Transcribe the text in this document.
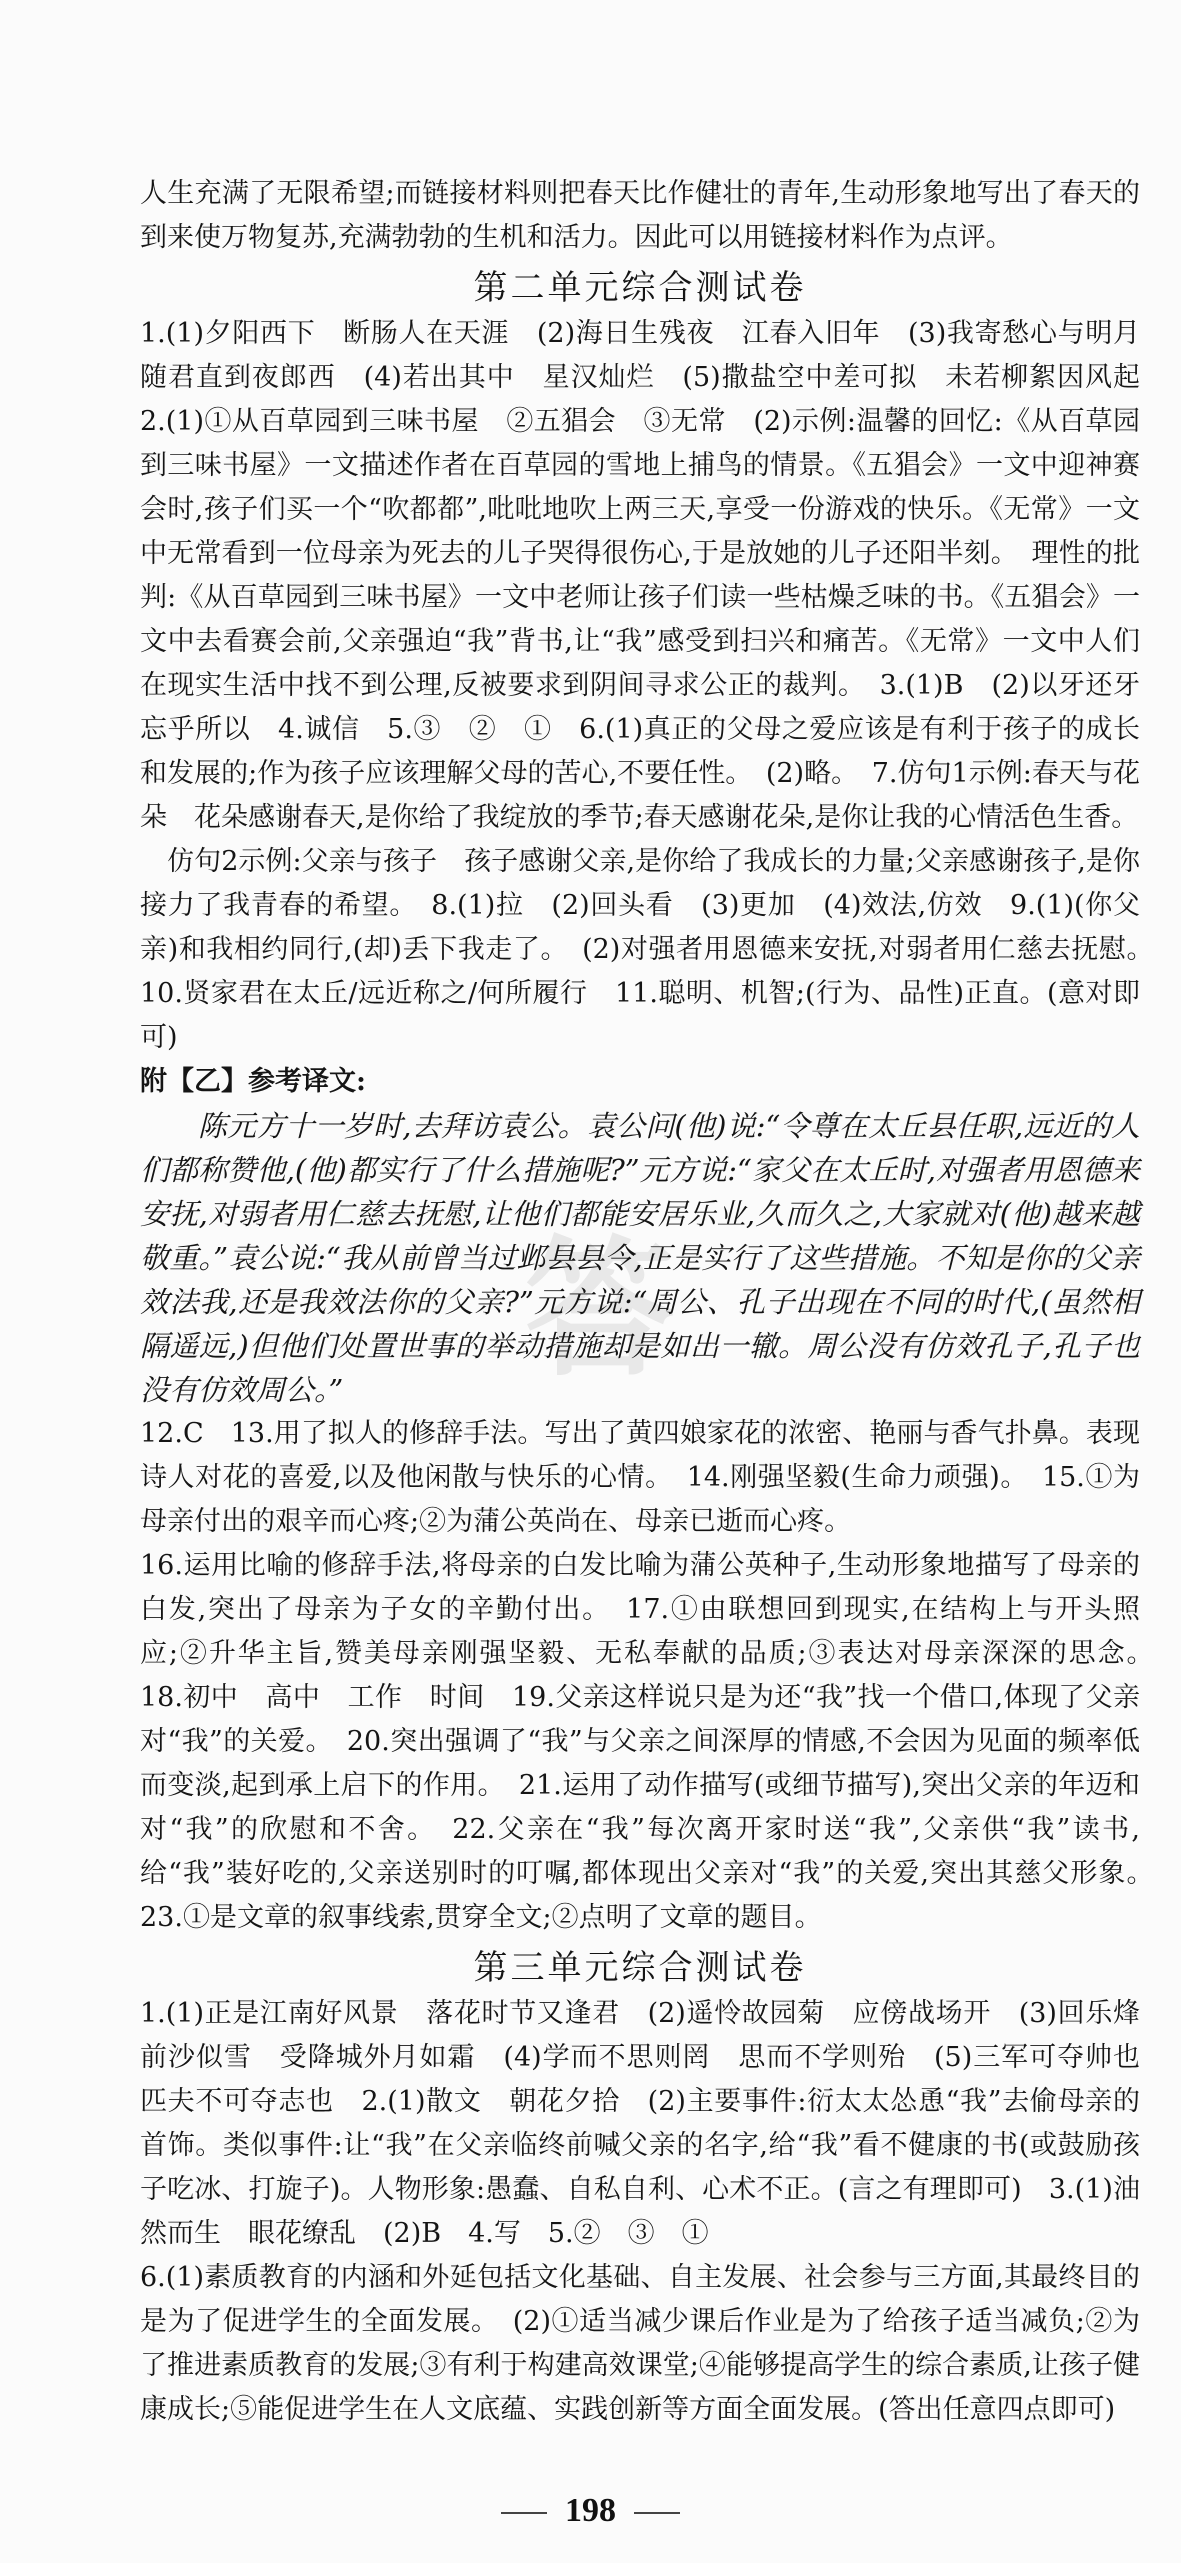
答

人生充满了无限希望;而链接材料则把春天比作健壮的青年,生动形象地写出了春天的到来使万物复苏,充满勃勃的生机和活力。因此可以用链接材料作为点评。

第二单元综合测试卷

1.(1)夕阳西下　断肠人在天涯　(2)海日生残夜　江春入旧年　(3)我寄愁心与明月　随君直到夜郎西　(4)若出其中　星汉灿烂　(5)撒盐空中差可拟　未若柳絮因风起　2.(1)①从百草园到三味书屋　②五猖会　③无常　(2)示例:温馨的回忆:《从百草园到三味书屋》一文描述作者在百草园的雪地上捕鸟的情景。《五猖会》一文中迎神赛会时,孩子们买一个“吹都都”,吡吡地吹上两三天,享受一份游戏的快乐。《无常》一文中无常看到一位母亲为死去的儿子哭得很伤心,于是放她的儿子还阳半刻。　理性的批判:《从百草园到三味书屋》一文中老师让孩子们读一些枯燥乏味的书。《五猖会》一文中去看赛会前,父亲强迫“我”背书,让“我”感受到扫兴和痛苦。《无常》一文中人们在现实生活中找不到公理,反被要求到阴间寻求公正的裁判。　3.(1)B　(2)以牙还牙　忘乎所以　4.诚信　5.③　②　①　6.(1)真正的父母之爱应该是有利于孩子的成长和发展的;作为孩子应该理解父母的苦心,不要任性。　(2)略。　7.仿句1示例:春天与花朵　花朵感谢春天,是你给了我绽放的季节;春天感谢花朵,是你让我的心情活色生香。

　仿句2示例:父亲与孩子　孩子感谢父亲,是你给了我成长的力量;父亲感谢孩子,是你接力了我青春的希望。　8.(1)拉　(2)回头看　(3)更加　(4)效法,仿效　9.(1)(你父亲)和我相约同行,(却)丢下我走了。　(2)对强者用恩德来安抚,对弱者用仁慈去抚慰。　10.贤家君在太丘/远近称之/何所履行　11.聪明、机智;(行为、品性)正直。(意对即可)

附【乙】参考译文:

陈元方十一岁时,去拜访袁公。袁公问(他)说:“令尊在太丘县任职,远近的人们都称赞他,(他)都实行了什么措施呢?”元方说:“家父在太丘时,对强者用恩德来安抚,对弱者用仁慈去抚慰,让他们都能安居乐业,久而久之,大家就对(他)越来越敬重。”袁公说:“我从前曾当过邺县县令,正是实行了这些措施。不知是你的父亲效法我,还是我效法你的父亲?”元方说:“周公、孔子出现在不同的时代,(虽然相隔遥远,)但他们处置世事的举动措施却是如出一辙。周公没有仿效孔子,孔子也没有仿效周公。”

12.C　13.用了拟人的修辞手法。写出了黄四娘家花的浓密、艳丽与香气扑鼻。表现诗人对花的喜爱,以及他闲散与快乐的心情。　14.刚强坚毅(生命力顽强)。　15.①为母亲付出的艰辛而心疼;②为蒲公英尚在、母亲已逝而心疼。

16.运用比喻的修辞手法,将母亲的白发比喻为蒲公英种子,生动形象地描写了母亲的白发,突出了母亲为子女的辛勤付出。　17.①由联想回到现实,在结构上与开头照应;②升华主旨,赞美母亲刚强坚毅、无私奉献的品质;③表达对母亲深深的思念。　18.初中　高中　工作　时间　19.父亲这样说只是为还“我”找一个借口,体现了父亲对“我”的关爱。　20.突出强调了“我”与父亲之间深厚的情感,不会因为见面的频率低而变淡,起到承上启下的作用。　21.运用了动作描写(或细节描写),突出父亲的年迈和对“我”的欣慰和不舍。　22.父亲在“我”每次离开家时送“我”,父亲供“我”读书,给“我”装好吃的,父亲送别时的叮嘱,都体现出父亲对“我”的关爱,突出其慈父形象。　23.①是文章的叙事线索,贯穿全文;②点明了文章的题目。

第三单元综合测试卷

1.(1)正是江南好风景　落花时节又逢君　(2)遥怜故园菊　应傍战场开　(3)回乐烽前沙似雪　受降城外月如霜　(4)学而不思则罔　思而不学则殆　(5)三军可夺帅也　匹夫不可夺志也　2.(1)散文　朝花夕拾　(2)主要事件:衍太太怂恿“我”去偷母亲的首饰。类似事件:让“我”在父亲临终前喊父亲的名字,给“我”看不健康的书(或鼓励孩子吃冰、打旋子)。人物形象:愚蠢、自私自利、心术不正。(言之有理即可)　3.(1)油然而生　眼花缭乱　(2)B　4.写　5.②　③　①

6.(1)素质教育的内涵和外延包括文化基础、自主发展、社会参与三方面,其最终目的是为了促进学生的全面发展。　(2)①适当减少课后作业是为了给孩子适当减负;②为了推进素质教育的发展;③有利于构建高效课堂;④能够提高学生的综合素质,让孩子健康成长;⑤能促进学生在人文底蕴、实践创新等方面全面发展。(答出任意四点即可)

198
